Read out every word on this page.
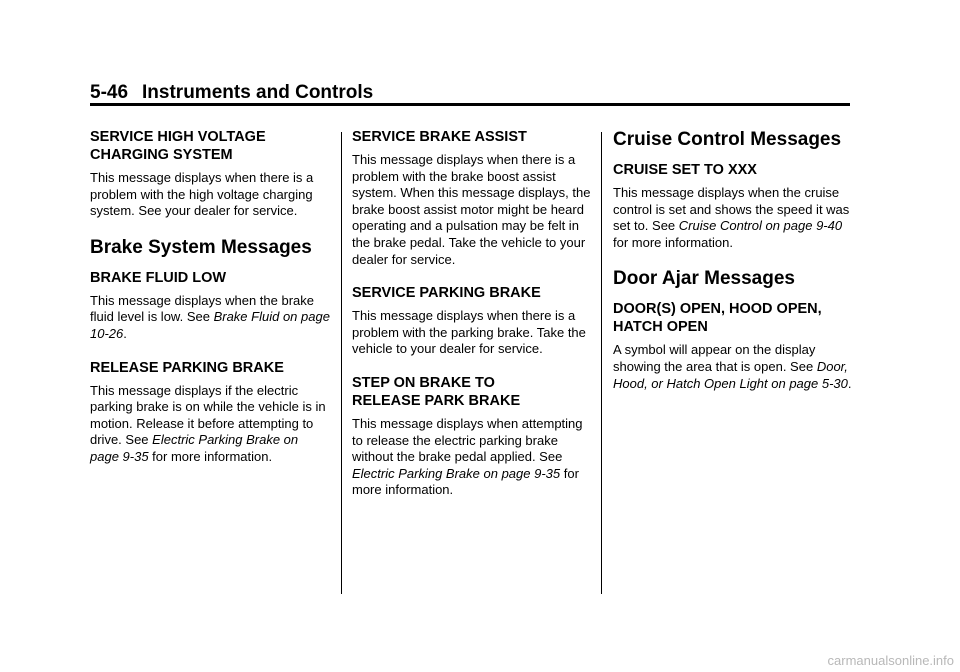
5-46 Instruments and Controls
SERVICE HIGH VOLTAGE
CHARGING SYSTEM

This message displays when there is a problem with the high voltage charging system. See your dealer for service.

Brake System Messages
BRAKE FLUID LOW

This message displays when the brake fluid level is low. See Brake Fluid on page 10-26.

RELEASE PARKING BRAKE

This message displays if the electric parking brake is on while the vehicle is in motion. Release it before attempting to drive. See Electric Parking Brake on page 9-35 for more information.

SERVICE BRAKE ASSIST

This message displays when there is a problem with the brake boost assist system. When this message displays, the brake boost assist motor might be heard operating and a pulsation may be felt in the brake pedal. Take the vehicle to your dealer for service.

SERVICE PARKING BRAKE

This message displays when there is a problem with the parking brake. Take the vehicle to your dealer for service.

STEP ON BRAKE TO
RELEASE PARK BRAKE

This message displays when attempting to release the electric parking brake without the brake pedal applied. See Electric Parking Brake on page 9-35 for more information.

Cruise Control Messages
CRUISE SET TO XXX

This message displays when the cruise control is set and shows the speed it was set to. See Cruise Control on page 9-40 for more information.

Door Ajar Messages
DOOR(S) OPEN, HOOD OPEN,
HATCH OPEN

A symbol will appear on the display showing the area that is open. See Door, Hood, or Hatch Open Light on page 5-30.

carmanualsonline.info
